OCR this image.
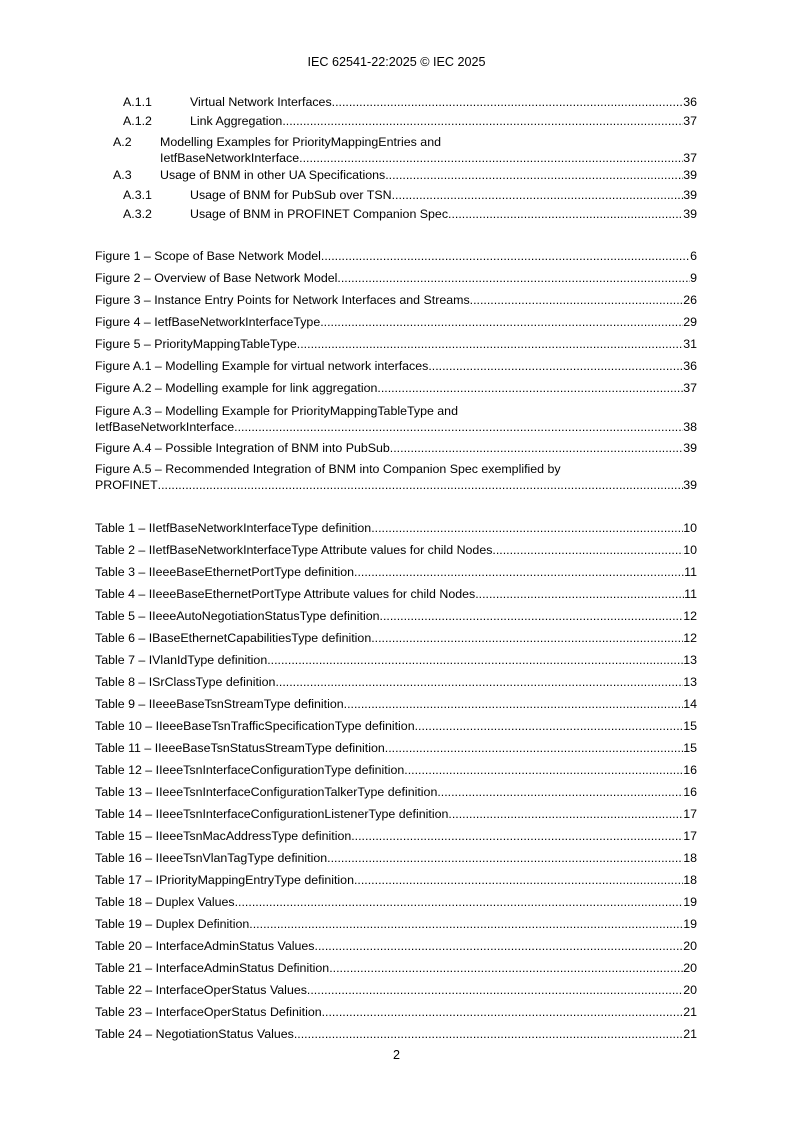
IEC 62541-22:2025 © IEC 2025
A.1.1	Virtual Network Interfaces .....	36
A.1.2	Link Aggregation .....	37
A.2	Modelling Examples for PriorityMappingEntries and
IetfBaseNetworkInterface .....	37
A.3	Usage of BNM in other UA Specifications .....	39
A.3.1	Usage of BNM for PubSub over TSN .....	39
A.3.2	Usage of BNM in PROFINET Companion Spec .....	39
Figure 1 – Scope of Base Network Model .....	6
Figure 2 – Overview of Base Network Model .....	9
Figure 3 – Instance Entry Points for Network Interfaces and Streams .....	26
Figure 4 – IetfBaseNetworkInterfaceType .....	29
Figure 5 – PriorityMappingTableType .....	31
Figure A.1 – Modelling Example for virtual network interfaces .....	36
Figure A.2 – Modelling example for link aggregation .....	37
Figure A.3 – Modelling Example for PriorityMappingTableType and
IetfBaseNetworkInterface .....	38
Figure A.4 – Possible Integration of BNM into PubSub .....	39
Figure A.5 – Recommended Integration of BNM into Companion Spec exemplified by
PROFINET .....	39
Table 1 – IIetfBaseNetworkInterfaceType definition .....	10
Table 2 – IIetfBaseNetworkInterfaceType Attribute values for child Nodes .....	10
Table 3 – IIeeeBaseEthernetPortType definition .....	11
Table 4 – IIeeeBaseEthernetPortType Attribute values for child Nodes .....	11
Table 5 – IIeeeAutoNegotiationStatusType definition .....	12
Table 6 – IBaseEthernetCapabilitiesType definition .....	12
Table 7 – IVlanIdType definition .....	13
Table 8 – ISrClassType definition .....	13
Table 9 – IIeeeBaseTsnStreamType definition .....	14
Table 10 – IIeeeBaseTsnTrafficSpecificationType definition .....	15
Table 11 – IIeeeBaseTsnStatusStreamType definition .....	15
Table 12 – IIeeeTsnInterfaceConfigurationType definition .....	16
Table 13 – IIeeeTsnInterfaceConfigurationTalkerType definition .....	16
Table 14 – IIeeeTsnInterfaceConfigurationListenerType definition .....	17
Table 15 – IIeeeTsnMacAddressType definition .....	17
Table 16 – IIeeeTsnVlanTagType definition .....	18
Table 17 – IPriorityMappingEntryType definition .....	18
Table 18 – Duplex Values .....	19
Table 19 – Duplex Definition .....	19
Table 20 – InterfaceAdminStatus Values .....	20
Table 21 – InterfaceAdminStatus Definition .....	20
Table 22 – InterfaceOperStatus Values .....	20
Table 23 – InterfaceOperStatus Definition .....	21
Table 24 – NegotiationStatus Values .....	21
2
